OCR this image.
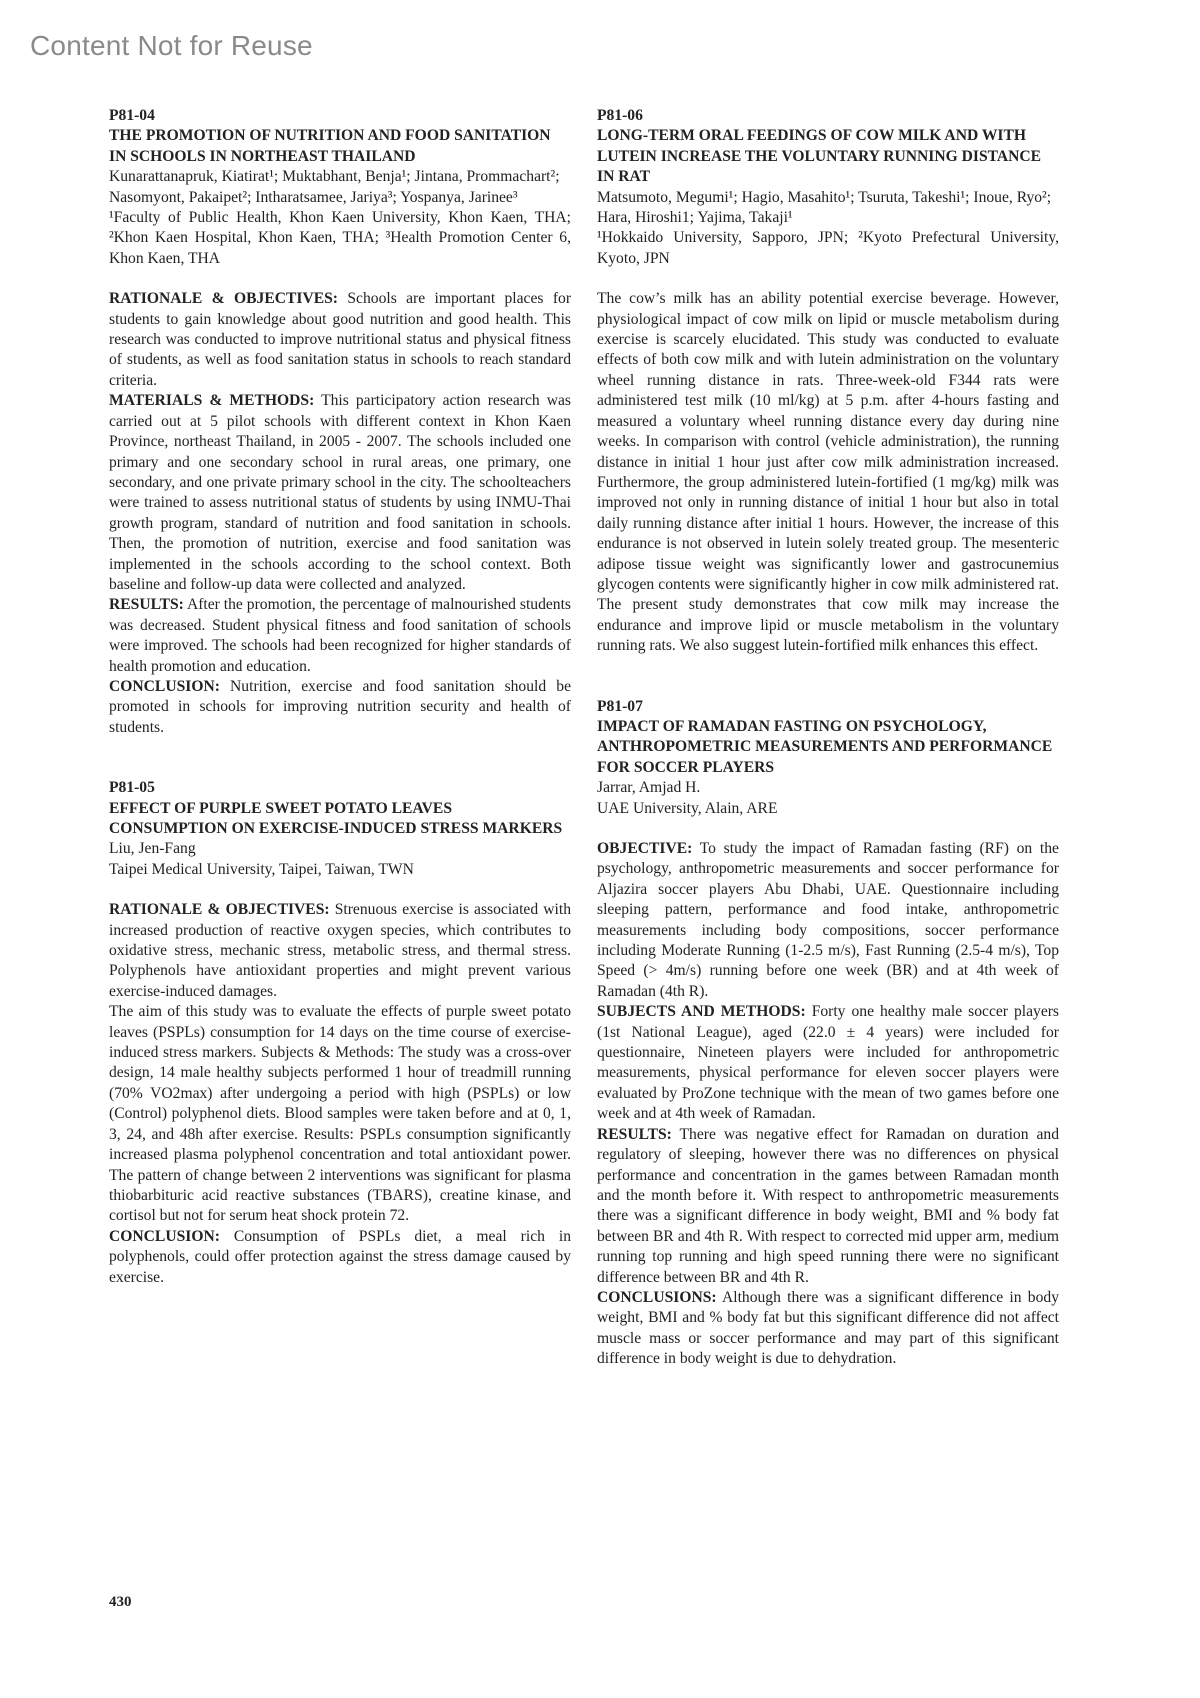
Content Not for Reuse
P81-04
THE PROMOTION OF NUTRITION AND FOOD SANITATION IN SCHOOLS IN NORTHEAST THAILAND
Kunarattanapruk, Kiatirat¹; Muktabhant, Benja¹; Jintana, Prommachart²; Nasomyont, Pakaipet²; Intharatsamee, Jariya³; Yospanya, Jarinee³
¹Faculty of Public Health, Khon Kaen University, Khon Kaen, THA; ²Khon Kaen Hospital, Khon Kaen, THA; ³Health Promotion Center 6, Khon Kaen, THA

RATIONALE & OBJECTIVES: Schools are important places for students to gain knowledge about good nutrition and good health. This research was conducted to improve nutritional status and physical fitness of students, as well as food sanitation status in schools to reach standard criteria.

MATERIALS & METHODS: This participatory action research was carried out at 5 pilot schools with different context in Khon Kaen Province, northeast Thailand, in 2005 - 2007. The schools included one primary and one secondary school in rural areas, one primary, one secondary, and one private primary school in the city. The schoolteachers were trained to assess nutritional status of students by using INMU-Thai growth program, standard of nutrition and food sanitation in schools. Then, the promotion of nutrition, exercise and food sanitation was implemented in the schools according to the school context. Both baseline and follow-up data were collected and analyzed.

RESULTS: After the promotion, the percentage of malnourished students was decreased. Student physical fitness and food sanitation of schools were improved. The schools had been recognized for higher standards of health promotion and education.

CONCLUSION: Nutrition, exercise and food sanitation should be promoted in schools for improving nutrition security and health of students.

P81-05
EFFECT OF PURPLE SWEET POTATO LEAVES CONSUMPTION ON EXERCISE-INDUCED STRESS MARKERS
Liu, Jen-Fang
Taipei Medical University, Taipei, Taiwan, TWN

RATIONALE & OBJECTIVES: Strenuous exercise is associated with increased production of reactive oxygen species, which contributes to oxidative stress, mechanic stress, metabolic stress, and thermal stress. Polyphenols have antioxidant properties and might prevent various exercise-induced damages.

The aim of this study was to evaluate the effects of purple sweet potato leaves (PSPLs) consumption for 14 days on the time course of exercise-induced stress markers. Subjects & Methods: The study was a cross-over design, 14 male healthy subjects performed 1 hour of treadmill running (70% VO2max) after undergoing a period with high (PSPLs) or low (Control) polyphenol diets. Blood samples were taken before and at 0, 1, 3, 24, and 48h after exercise. Results: PSPLs consumption significantly increased plasma polyphenol concentration and total antioxidant power. The pattern of change between 2 interventions was significant for plasma thiobarbituric acid reactive substances (TBARS), creatine kinase, and cortisol but not for serum heat shock protein 72.

CONCLUSION: Consumption of PSPLs diet, a meal rich in polyphenols, could offer protection against the stress damage caused by exercise.

P81-06
LONG-TERM ORAL FEEDINGS OF COW MILK AND WITH LUTEIN INCREASE THE VOLUNTARY RUNNING DISTANCE IN RAT
Matsumoto, Megumi¹; Hagio, Masahito¹; Tsuruta, Takeshi¹; Inoue, Ryo²; Hara, Hiroshi1; Yajima, Takaji¹
¹Hokkaido University, Sapporo, JPN; ²Kyoto Prefectural University, Kyoto, JPN

The cow’s milk has an ability potential exercise beverage. However, physiological impact of cow milk on lipid or muscle metabolism during exercise is scarcely elucidated. This study was conducted to evaluate effects of both cow milk and with lutein administration on the voluntary wheel running distance in rats. Three-week-old F344 rats were administered test milk (10 ml/kg) at 5 p.m. after 4-hours fasting and measured a voluntary wheel running distance every day during nine weeks. In comparison with control (vehicle administration), the running distance in initial 1 hour just after cow milk administration increased. Furthermore, the group administered lutein-fortified (1 mg/kg) milk was improved not only in running distance of initial 1 hour but also in total daily running distance after initial 1 hours. However, the increase of this endurance is not observed in lutein solely treated group. The mesenteric adipose tissue weight was significantly lower and gastrocunemius glycogen contents were significantly higher in cow milk administered rat. The present study demonstrates that cow milk may increase the endurance and improve lipid or muscle metabolism in the voluntary running rats. We also suggest lutein-fortified milk enhances this effect.

P81-07
IMPACT OF RAMADAN FASTING ON PSYCHOLOGY, ANTHROPOMETRIC MEASUREMENTS AND PERFORMANCE FOR SOCCER PLAYERS
Jarrar, Amjad H.
UAE University, Alain, ARE

OBJECTIVE: To study the impact of Ramadan fasting (RF) on the psychology, anthropometric measurements and soccer performance for Aljazira soccer players Abu Dhabi, UAE. Questionnaire including sleeping pattern, performance and food intake, anthropometric measurements including body compositions, soccer performance including Moderate Running (1-2.5 m/s), Fast Running (2.5-4 m/s), Top Speed (> 4m/s) running before one week (BR) and at 4th week of Ramadan (4th R).

SUBJECTS AND METHODS: Forty one healthy male soccer players (1st National League), aged (22.0 ± 4 years) were included for questionnaire, Nineteen players were included for anthropometric measurements, physical performance for eleven soccer players were evaluated by ProZone technique with the mean of two games before one week and at 4th week of Ramadan.

RESULTS: There was negative effect for Ramadan on duration and regulatory of sleeping, however there was no differences on physical performance and concentration in the games between Ramadan month and the month before it. With respect to anthropometric measurements there was a significant difference in body weight, BMI and % body fat between BR and 4th R. With respect to corrected mid upper arm, medium running top running and high speed running there were no significant difference between BR and 4th R.

CONCLUSIONS: Although there was a significant difference in body weight, BMI and % body fat but this significant difference did not affect muscle mass or soccer performance and may part of this significant difference in body weight is due to dehydration.

430
